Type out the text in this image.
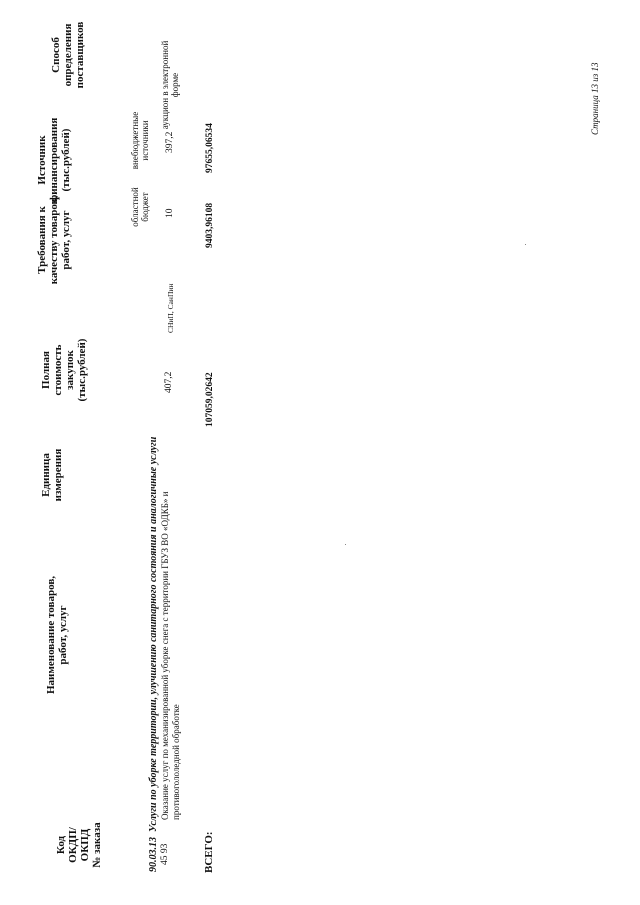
Код
ОКДП/
ОКПД
№ заказа
Наименование товаров,
работ, услуг
Единица
измерения
Полная
стоимость
закупок
(тыс.рублей)
Требования к
качеству товаров,
работ, услуг
Источник
финансирования
(тыс.рублей)
областной
бюджет
внебюджетные
источники
Способ
определения
поставщиков
90.03.13  Услуги по уборке территории, улучшению санитарного состояния и аналогичные услуги
45 93
Оказание услуг по механизированной уборке снега с территории ГБУЗ ВО «ОДКБ» и противогололедной обработке
407,2
СНиП, СанПин
10
397,2
аукцион в электронной форме
ВСЕГО:
107059,02642
9403,96108
97655,06534
Страница 13 из 13
